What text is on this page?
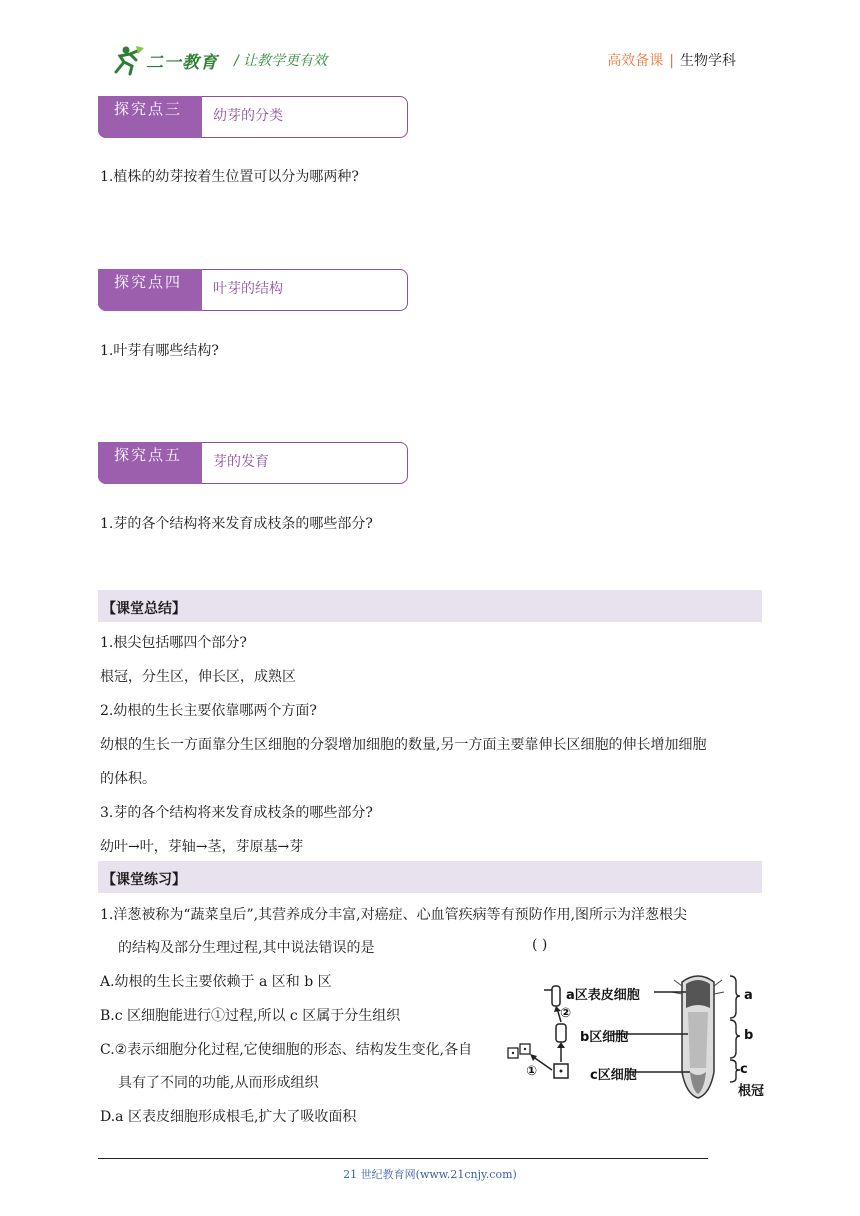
二一教育 / 让教学更有效	高效备课 | 生物学科
探究点三	幼芽的分类
1.植株的幼芽按着生位置可以分为哪两种?
探究点四	叶芽的结构
1.叶芽有哪些结构?
探究点五	芽的发育
1.芽的各个结构将来发育成枝条的哪些部分?
【课堂总结】
1.根尖包括哪四个部分?
根冠，分生区，伸长区，成熟区
2.幼根的生长主要依靠哪两个方面?
幼根的生长一方面靠分生区细胞的分裂增加细胞的数量,另一方面主要靠伸长区细胞的伸长增加细胞
的体积。
3.芽的各个结构将来发育成枝条的哪些部分?
幼叶→叶，芽轴→茎，芽原基→芽
【课堂练习】
1.洋葱被称为“蔬菜皇后”,其营养成分丰富,对癌症、心血管疾病等有预防作用,图所示为洋葱根尖
的结构及部分生理过程,其中说法错误的是	( )
A.幼根的生长主要依赖于 a 区和 b 区
B.c 区细胞能进行①过程,所以 c 区属于分生组织
C.②表示细胞分化过程,它使细胞的形态、结构发生变化,各自
具有了不同的功能,从而形成组织
D.a 区表皮细胞形成根毛,扩大了吸收面积
a区表皮细胞
b区细胞
c区细胞
②
①
a
b
c
根冠
21 世纪教育网(www.21cnjy.com)
